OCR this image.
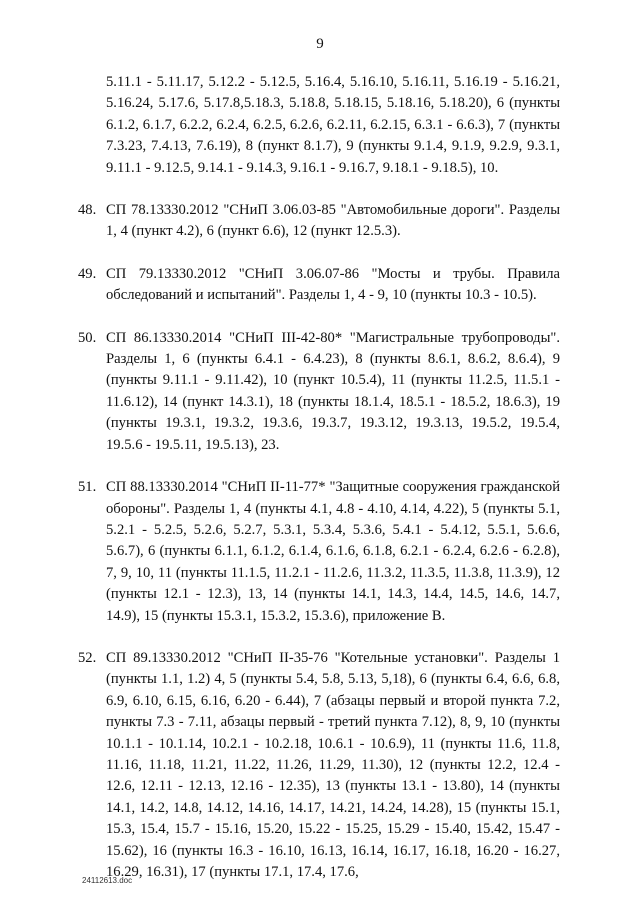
9

5.11.1 - 5.11.17, 5.12.2 - 5.12.5, 5.16.4, 5.16.10, 5.16.11, 5.16.19 - 5.16.21, 5.16.24, 5.17.6, 5.17.8,5.18.3, 5.18.8, 5.18.15, 5.18.16, 5.18.20), 6 (пункты 6.1.2, 6.1.7, 6.2.2, 6.2.4, 6.2.5, 6.2.6, 6.2.11, 6.2.15, 6.3.1 - 6.6.3), 7 (пункты 7.3.23, 7.4.13, 7.6.19), 8 (пункт 8.1.7), 9 (пункты 9.1.4, 9.1.9, 9.2.9, 9.3.1, 9.11.1 - 9.12.5, 9.14.1 - 9.14.3, 9.16.1 - 9.16.7, 9.18.1 - 9.18.5), 10.

48. СП 78.13330.2012 "СНиП 3.06.03-85 "Автомобильные дороги". Разделы 1, 4 (пункт 4.2), 6 (пункт 6.6), 12 (пункт 12.5.3).

49. СП 79.13330.2012 "СНиП 3.06.07-86 "Мосты и трубы. Правила обследований и испытаний". Разделы 1, 4 - 9, 10 (пункты 10.3 - 10.5).

50. СП 86.13330.2014 "СНиП III-42-80* "Магистральные трубопроводы". Разделы 1, 6 (пункты 6.4.1 - 6.4.23), 8 (пункты 8.6.1, 8.6.2, 8.6.4), 9 (пункты 9.11.1 - 9.11.42), 10 (пункт 10.5.4), 11 (пункты 11.2.5, 11.5.1 - 11.6.12), 14 (пункт 14.3.1), 18 (пункты 18.1.4, 18.5.1 - 18.5.2, 18.6.3), 19 (пункты 19.3.1, 19.3.2, 19.3.6, 19.3.7, 19.3.12, 19.3.13, 19.5.2, 19.5.4, 19.5.6 - 19.5.11, 19.5.13), 23.

51. СП 88.13330.2014 "СНиП II-11-77* "Защитные сооружения гражданской обороны". Разделы 1, 4 (пункты 4.1, 4.8 - 4.10, 4.14, 4.22), 5 (пункты 5.1, 5.2.1 - 5.2.5, 5.2.6, 5.2.7, 5.3.1, 5.3.4, 5.3.6, 5.4.1 - 5.4.12, 5.5.1, 5.6.6, 5.6.7), 6 (пункты 6.1.1, 6.1.2, 6.1.4, 6.1.6, 6.1.8, 6.2.1 - 6.2.4, 6.2.6 - 6.2.8), 7, 9, 10, 11 (пункты 11.1.5, 11.2.1 - 11.2.6, 11.3.2, 11.3.5, 11.3.8, 11.3.9), 12 (пункты 12.1 - 12.3), 13, 14 (пункты 14.1, 14.3, 14.4, 14.5, 14.6, 14.7, 14.9), 15 (пункты 15.3.1, 15.3.2, 15.3.6), приложение В.

52. СП 89.13330.2012 "СНиП II-35-76 "Котельные установки". Разделы 1 (пункты 1.1, 1.2) 4, 5 (пункты 5.4, 5.8, 5.13, 5,18), 6 (пункты 6.4, 6.6, 6.8, 6.9, 6.10, 6.15, 6.16, 6.20 - 6.44), 7 (абзацы первый и второй пункта 7.2, пункты 7.3 - 7.11, абзацы первый - третий пункта 7.12), 8, 9, 10 (пункты 10.1.1 - 10.1.14, 10.2.1 - 10.2.18, 10.6.1 - 10.6.9), 11 (пункты 11.6, 11.8, 11.16, 11.18, 11.21, 11.22, 11.26, 11.29, 11.30), 12 (пункты 12.2, 12.4 - 12.6, 12.11 - 12.13, 12.16 - 12.35), 13 (пункты 13.1 - 13.80), 14 (пункты 14.1, 14.2, 14.8, 14.12, 14.16, 14.17, 14.21, 14.24, 14.28), 15 (пункты 15.1, 15.3, 15.4, 15.7 - 15.16, 15.20, 15.22 - 15.25, 15.29 - 15.40, 15.42, 15.47 - 15.62), 16 (пункты 16.3 - 16.10, 16.13, 16.14, 16.17, 16.18, 16.20 - 16.27, 16.29, 16.31), 17 (пункты 17.1, 17.4, 17.6,

24112613.doc
